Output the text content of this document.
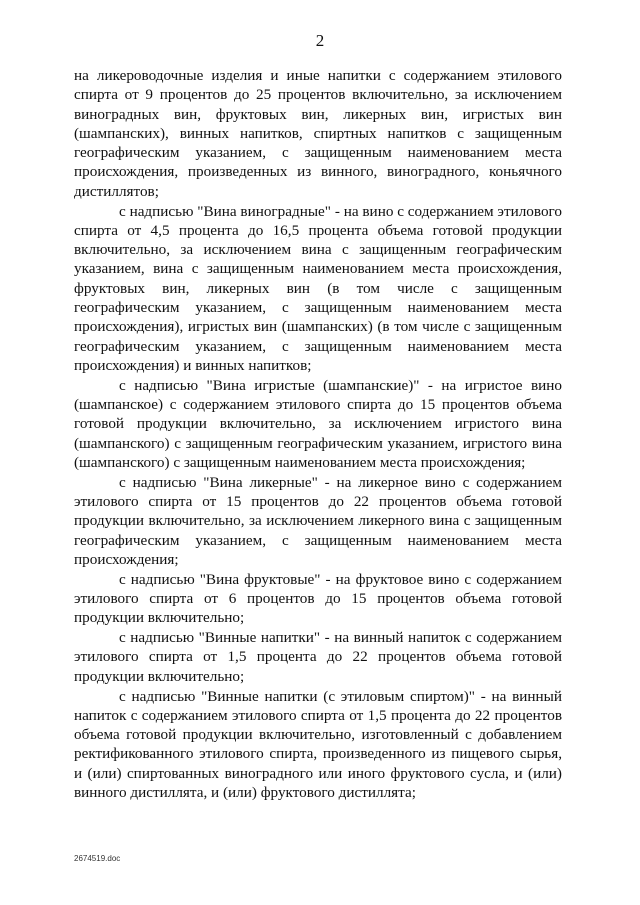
2

на ликероводочные изделия и иные напитки с содержанием этилового спирта от 9 процентов до 25 процентов включительно, за исключением виноградных вин, фруктовых вин, ликерных вин, игристых вин (шампанских), винных напитков, спиртных напитков с защищенным географическим указанием, с защищенным наименованием места происхождения, произведенных из винного, виноградного, коньячного дистиллятов;

с надписью "Вина виноградные" - на вино с содержанием этилового спирта от 4,5 процента до 16,5 процента объема готовой продукции включительно, за исключением вина с защищенным географическим указанием, вина с защищенным наименованием места происхождения, фруктовых вин, ликерных вин (в том числе с защищенным географическим указанием, с защищенным наименованием места происхождения), игристых вин (шампанских) (в том числе с защищенным географическим указанием, с защищенным наименованием места происхождения) и винных напитков;

с надписью "Вина игристые (шампанские)" - на игристое вино (шампанское) с содержанием этилового спирта до 15 процентов объема готовой продукции включительно, за исключением игристого вина (шампанского) с защищенным географическим указанием, игристого вина (шампанского) с защищенным наименованием места происхождения;

с надписью "Вина ликерные" - на ликерное вино с содержанием этилового спирта от 15 процентов до 22 процентов объема готовой продукции включительно, за исключением ликерного вина с защищенным географическим указанием, с защищенным наименованием места происхождения;

с надписью "Вина фруктовые" - на фруктовое вино с содержанием этилового спирта от 6 процентов до 15 процентов объема готовой продукции включительно;

с надписью "Винные напитки" - на винный напиток с содержанием этилового спирта от 1,5 процента до 22 процентов объема готовой продукции включительно;

с надписью "Винные напитки (с этиловым спиртом)" - на винный напиток с содержанием этилового спирта от 1,5 процента до 22 процентов объема готовой продукции включительно, изготовленный с добавлением ректификованного этилового спирта, произведенного из пищевого сырья, и (или) спиртованных виноградного или иного фруктового сусла, и (или) винного дистиллята, и (или) фруктового дистиллята;

2674519.doc
